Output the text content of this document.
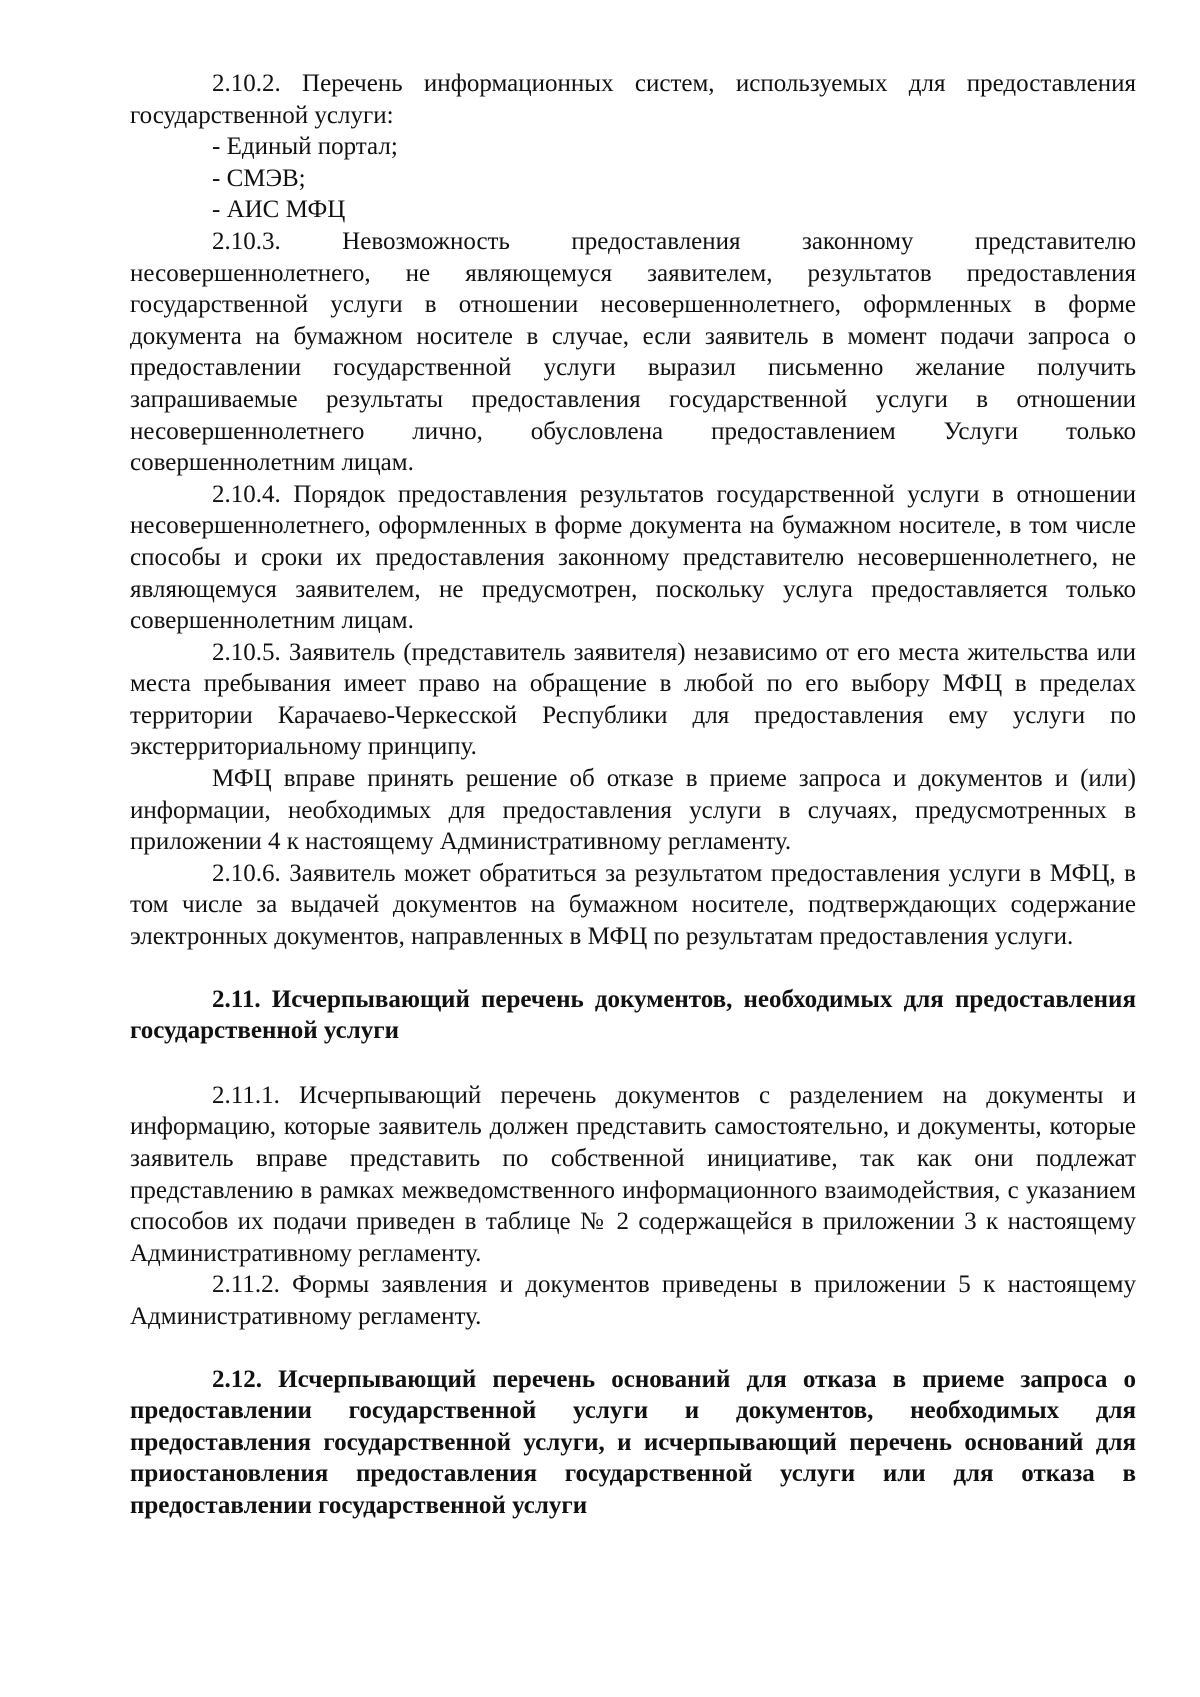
2.10.2. Перечень информационных систем, используемых для предоставления государственной услуги:

- Единый портал;

- СМЭВ;

- АИС МФЦ

2.10.3. Невозможность предоставления законному представителю несовершеннолетнего, не являющемуся заявителем, результатов предоставления государственной услуги в отношении несовершеннолетнего, оформленных в форме документа на бумажном носителе в случае, если заявитель в момент подачи запроса о предоставлении государственной услуги выразил письменно желание получить запрашиваемые результаты предоставления государственной услуги в отношении несовершеннолетнего лично, обусловлена предоставлением Услуги только совершеннолетним лицам.

2.10.4. Порядок предоставления результатов государственной услуги в отношении несовершеннолетнего, оформленных в форме документа на бумажном носителе, в том числе способы и сроки их предоставления законному представителю несовершеннолетнего, не являющемуся заявителем, не предусмотрен, поскольку услуга предоставляется только совершеннолетним лицам.

2.10.5. Заявитель (представитель заявителя) независимо от его места жительства или места пребывания имеет право на обращение в любой по его выбору МФЦ в пределах территории Карачаево-Черкесской Республики для предоставления ему услуги по экстерриториальному принципу.

МФЦ вправе принять решение об отказе в приеме запроса и документов и (или) информации, необходимых для предоставления услуги в случаях, предусмотренных в приложении 4 к настоящему Административному регламенту.

2.10.6. Заявитель может обратиться за результатом предоставления услуги в МФЦ, в том числе за выдачей документов на бумажном носителе, подтверждающих содержание электронных документов, направленных в МФЦ по результатам предоставления услуги.

2.11. Исчерпывающий перечень документов, необходимых для предоставления государственной услуги

2.11.1. Исчерпывающий перечень документов с разделением на документы и информацию, которые заявитель должен представить самостоятельно, и документы, которые заявитель вправе представить по собственной инициативе, так как они подлежат представлению в рамках межведомственного информационного взаимодействия, с указанием способов их подачи приведен в таблице № 2 содержащейся в приложении 3 к настоящему Административному регламенту.

2.11.2. Формы заявления и документов приведены в приложении 5 к настоящему Административному регламенту.

2.12. Исчерпывающий перечень оснований для отказа в приеме запроса о предоставлении государственной услуги и документов, необходимых для предоставления государственной услуги, и исчерпывающий перечень оснований для приостановления предоставления государственной услуги или для отказа в предоставлении государственной услуги
